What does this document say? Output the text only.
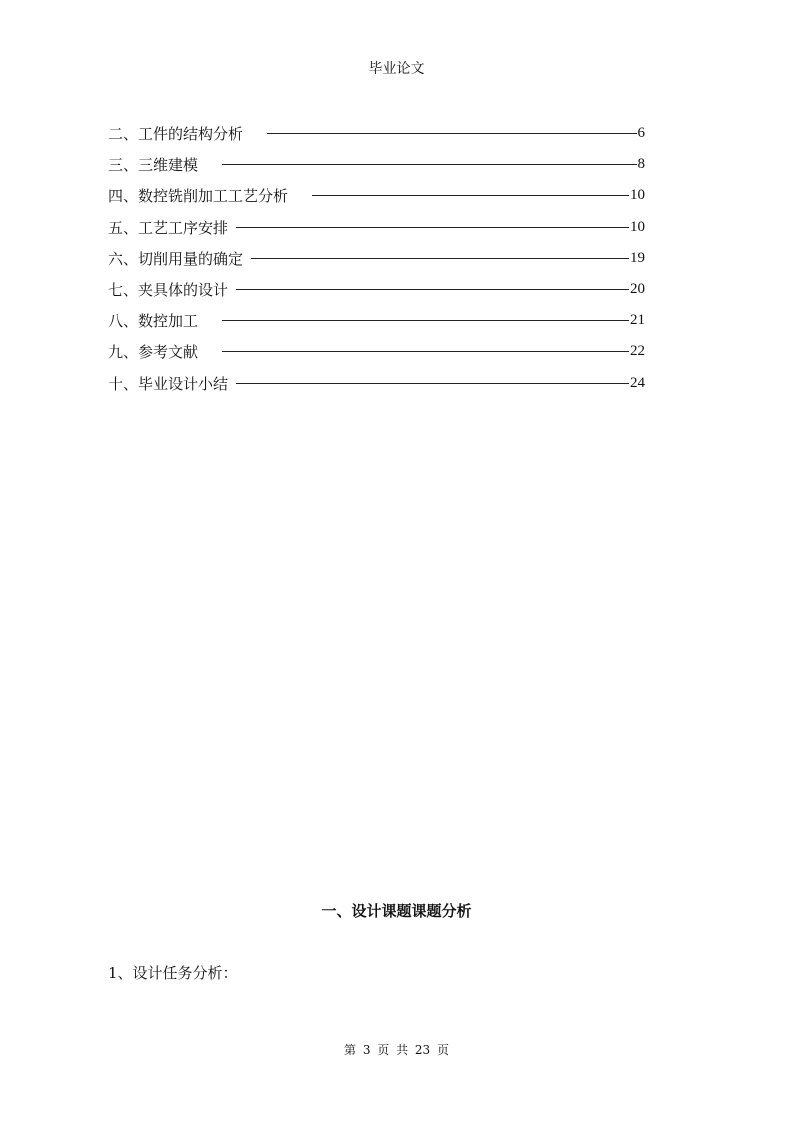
毕业论文
二、工件的结构分析	6
三、三维建模	8
四、数控铣削加工工艺分析	10
五、工艺工序安排	10
六、切削用量的确定	19
七、夹具体的设计	20
八、数控加工	21
九、参考文献	22
十、毕业设计小结	24
一、设计课题课题分析
1、设计任务分析：
第 3 页 共 23 页
